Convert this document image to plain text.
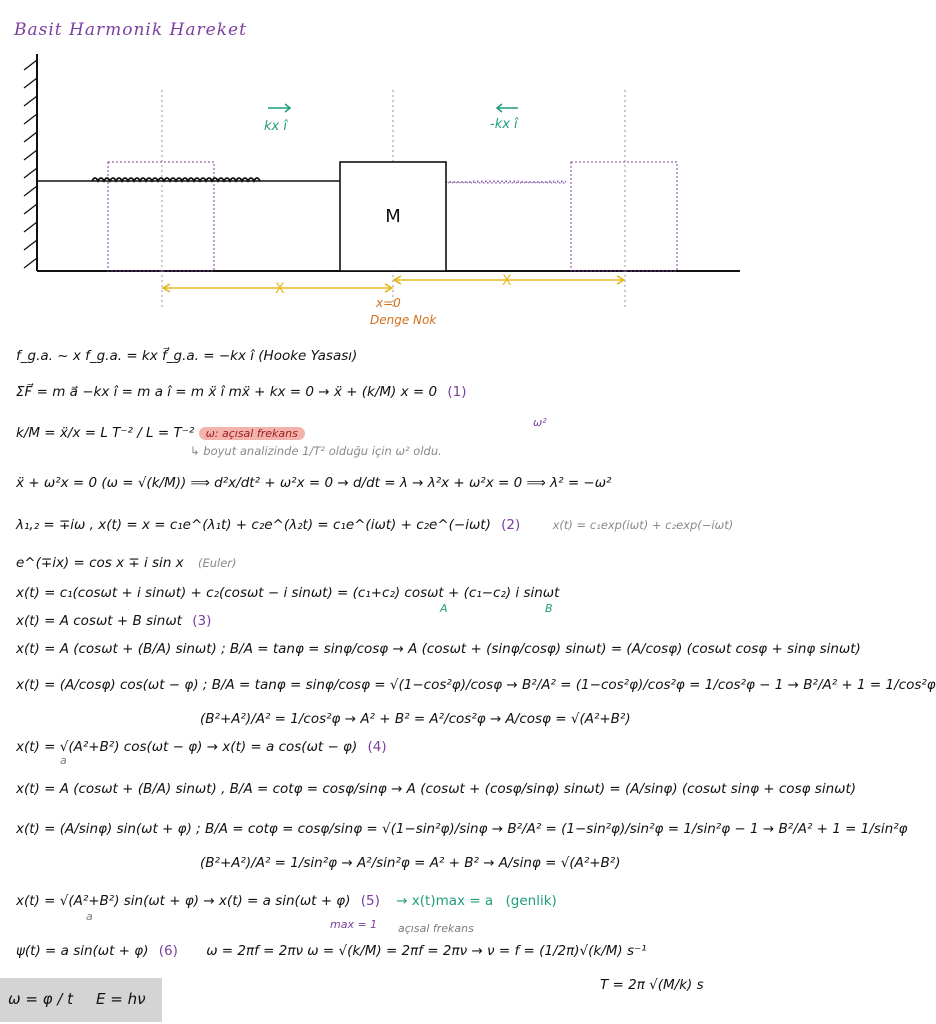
Basit Harmonik Hareket
M
kx î	-kx î
X	X
x=0
Denge Nok
f_g.a. ~ x f_g.a. = kx f⃗_g.a. = −kx î (Hooke Yasası)
ΣF⃗ = m a⃗ −kx î = m a î = m ẍ î mẍ + kx = 0 → ẍ + (k/M) x = 0 (1)
ω²
k/M = ẍ/x = L T⁻² / L = T⁻² ω: açısal frekans
↳ boyut analizinde 1/T² olduğu için ω² oldu.
ẍ + ω²x = 0 (ω = √(k/M)) ⟹ d²x/dt² + ω²x = 0 → d/dt = λ → λ²x + ω²x = 0 ⟹ λ² = −ω²
λ₁,₂ = ∓iω , x(t) = x = c₁e^(λ₁t) + c₂e^(λ₂t) = c₁e^(iωt) + c₂e^(−iωt) (2)	x(t) = c₁exp(iωt) + c₂exp(−iωt)
e^(∓ix) = cos x ∓ i sin x (Euler)
x(t) = c₁(cosωt + i sinωt) + c₂(cosωt − i sinωt) = (c₁+c₂) cosωt + (c₁−c₂) i sinωt
A	B
x(t) = A cosωt + B sinωt (3)
x(t) = A (cosωt + (B/A) sinωt) ; B/A = tanφ = sinφ/cosφ → A (cosωt + (sinφ/cosφ) sinωt) = (A/cosφ) (cosωt cosφ + sinφ sinωt)
x(t) = (A/cosφ) cos(ωt − φ) ; B/A = tanφ = sinφ/cosφ = √(1−cos²φ)/cosφ → B²/A² = (1−cos²φ)/cos²φ = 1/cos²φ − 1 → B²/A² + 1 = 1/cos²φ
(B²+A²)/A² = 1/cos²φ → A² + B² = A²/cos²φ → A/cosφ = √(A²+B²)
x(t) = √(A²+B²) cos(ωt − φ) → x(t) = a cos(ωt − φ) (4)
a
x(t) = A (cosωt + (B/A) sinωt) , B/A = cotφ = cosφ/sinφ → A (cosωt + (cosφ/sinφ) sinωt) = (A/sinφ) (cosωt sinφ + cosφ sinωt)
x(t) = (A/sinφ) sin(ωt + φ) ; B/A = cotφ = cosφ/sinφ = √(1−sin²φ)/sinφ → B²/A² = (1−sin²φ)/sin²φ = 1/sin²φ − 1 → B²/A² + 1 = 1/sin²φ
(B²+A²)/A² = 1/sin²φ → A²/sin²φ = A² + B² → A/sinφ = √(A²+B²)
x(t) = √(A²+B²) sin(ωt + φ) → x(t) = a sin(ωt + φ) (5) → x(t)max = a (genlik)
a
max = 1 açısal frekans
ψ(t) = a sin(ωt + φ) (6) ω = 2πf = 2πν ω = √(k/M) = 2πf = 2πν → ν = f = (1/2π)√(k/M) s⁻¹
T = 2π √(M/k) s
ω = φ / t E = hν
